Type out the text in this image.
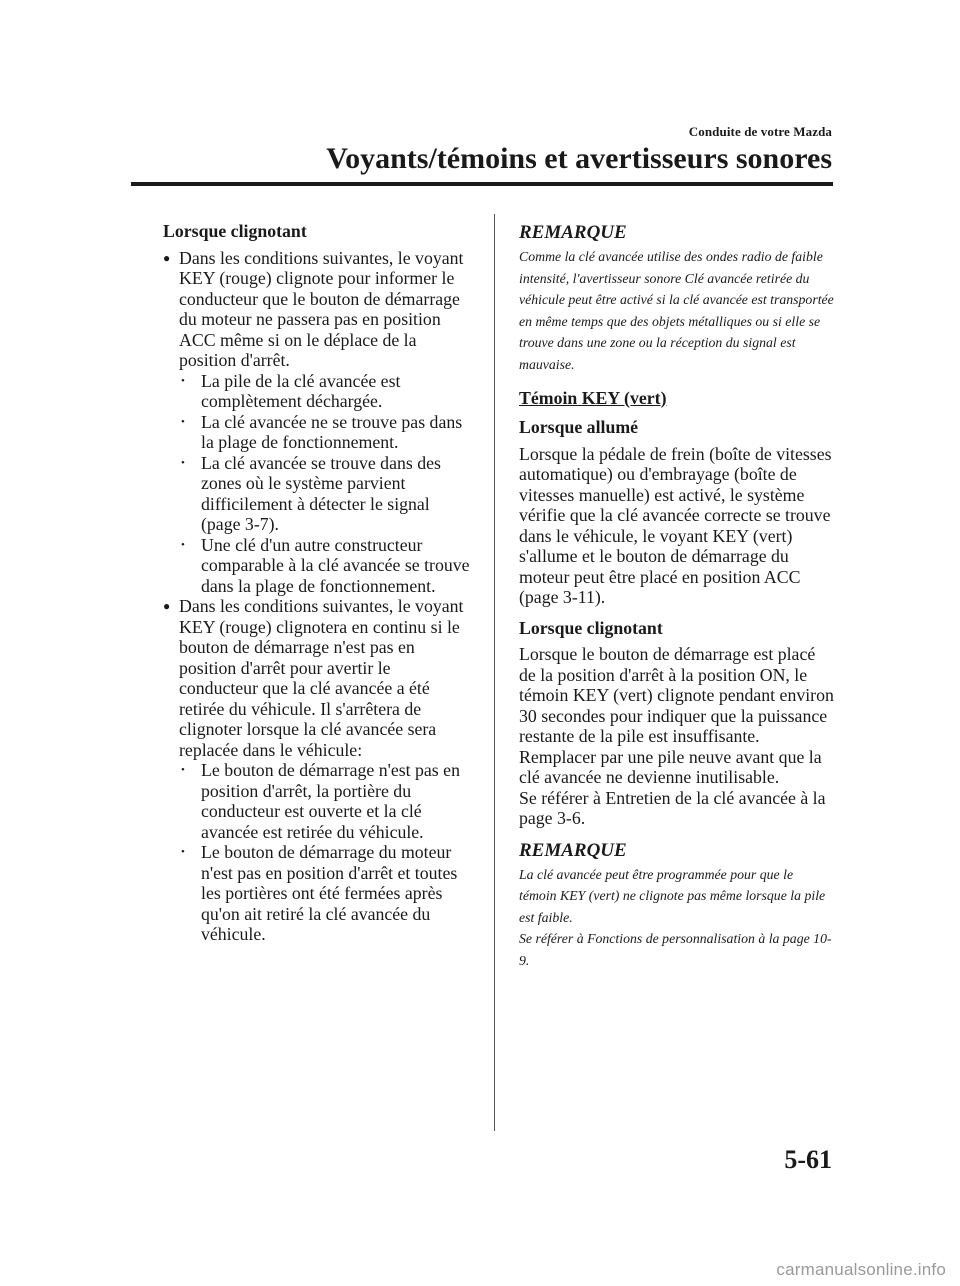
Conduite de votre Mazda
Voyants/témoins et avertisseurs sonores
Lorsque clignotant
● Dans les conditions suivantes, le voyant KEY (rouge) clignote pour informer le conducteur que le bouton de démarrage du moteur ne passera pas en position ACC même si on le déplace de la position d'arrêt.
• La pile de la clé avancée est complètement déchargée.
• La clé avancée ne se trouve pas dans la plage de fonctionnement.
• La clé avancée se trouve dans des zones où le système parvient difficilement à détecter le signal (page 3-7).
• Une clé d'un autre constructeur comparable à la clé avancée se trouve dans la plage de fonctionnement.
● Dans les conditions suivantes, le voyant KEY (rouge) clignotera en continu si le bouton de démarrage n'est pas en position d'arrêt pour avertir le conducteur que la clé avancée a été retirée du véhicule. Il s'arrêtera de clignoter lorsque la clé avancée sera replacée dans le véhicule:
• Le bouton de démarrage n'est pas en position d'arrêt, la portière du conducteur est ouverte et la clé avancée est retirée du véhicule.
• Le bouton de démarrage du moteur n'est pas en position d'arrêt et toutes les portières ont été fermées après qu'on ait retiré la clé avancée du véhicule.
REMARQUE
Comme la clé avancée utilise des ondes radio de faible intensité, l'avertisseur sonore Clé avancée retirée du véhicule peut être activé si la clé avancée est transportée en même temps que des objets métalliques ou si elle se trouve dans une zone ou la réception du signal est mauvaise.
Témoin KEY (vert)
Lorsque allumé
Lorsque la pédale de frein (boîte de vitesses automatique) ou d'embrayage (boîte de vitesses manuelle) est activé, le système vérifie que la clé avancée correcte se trouve dans le véhicule, le voyant KEY (vert) s'allume et le bouton de démarrage du moteur peut être placé en position ACC (page 3-11).
Lorsque clignotant
Lorsque le bouton de démarrage est placé de la position d'arrêt à la position ON, le témoin KEY (vert) clignote pendant environ 30 secondes pour indiquer que la puissance restante de la pile est insuffisante. Remplacer par une pile neuve avant que la clé avancée ne devienne inutilisable.
Se référer à Entretien de la clé avancée à la page 3-6.
REMARQUE
La clé avancée peut être programmée pour que le témoin KEY (vert) ne clignote pas même lorsque la pile est faible.
Se référer à Fonctions de personnalisation à la page 10-9.
5-61
carmanualsonline.info
